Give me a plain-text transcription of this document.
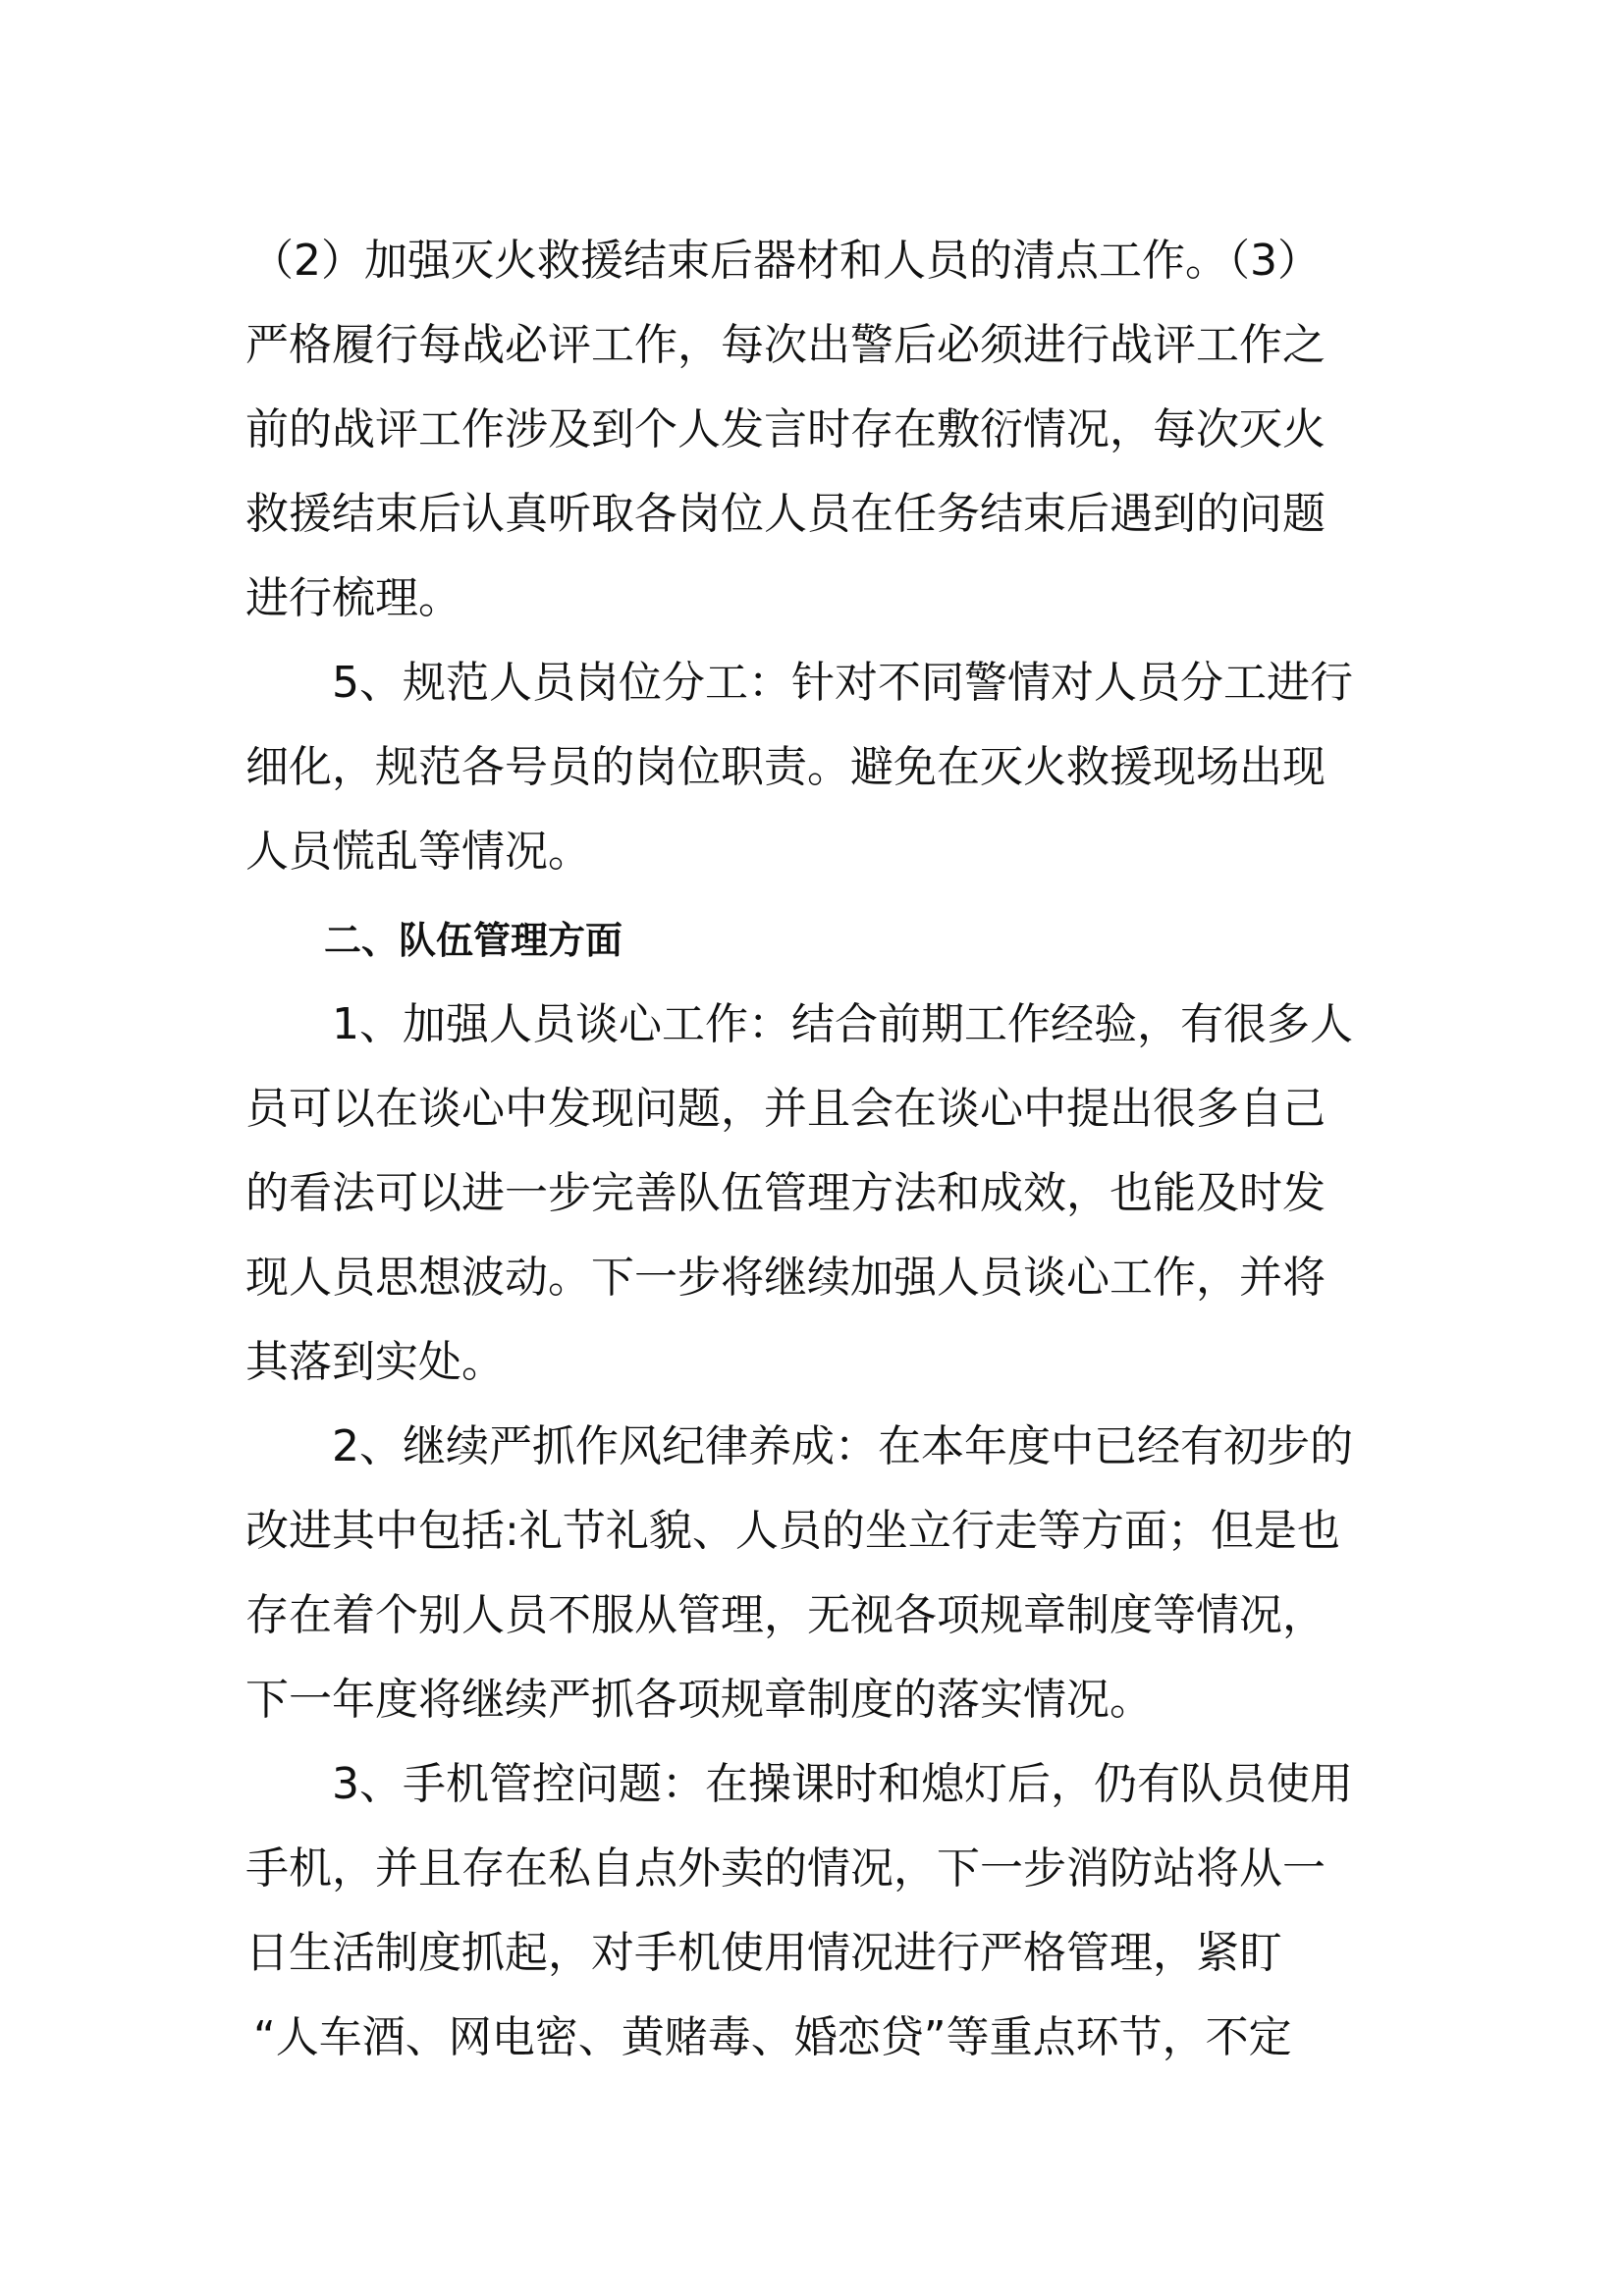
（2）加强灭火救援结束后器材和人员的清点工作。（3）

严格履行每战必评工作，每次出警后必须进行战评工作之

前的战评工作涉及到个人发言时存在敷衍情况，每次灭火

救援结束后认真听取各岗位人员在任务结束后遇到的问题

进行梳理。

5、规范人员岗位分工：针对不同警情对人员分工进行

细化，规范各号员的岗位职责。避免在灭火救援现场出现

人员慌乱等情况。

二、队伍管理方面

1、加强人员谈心工作：结合前期工作经验，有很多人

员可以在谈心中发现问题，并且会在谈心中提出很多自己

的看法可以进一步完善队伍管理方法和成效，也能及时发

现人员思想波动。下一步将继续加强人员谈心工作，并将

其落到实处。

2、继续严抓作风纪律养成：在本年度中已经有初步的

改进其中包括:礼节礼貌、人员的坐立行走等方面；但是也

存在着个别人员不服从管理，无视各项规章制度等情况，

下一年度将继续严抓各项规章制度的落实情况。

3、手机管控问题：在操课时和熄灯后，仍有队员使用

手机，并且存在私自点外卖的情况，下一步消防站将从一

日生活制度抓起，对手机使用情况进行严格管理，紧盯

“人车酒、网电密、黄赌毒、婚恋贷”等重点环节，不定
